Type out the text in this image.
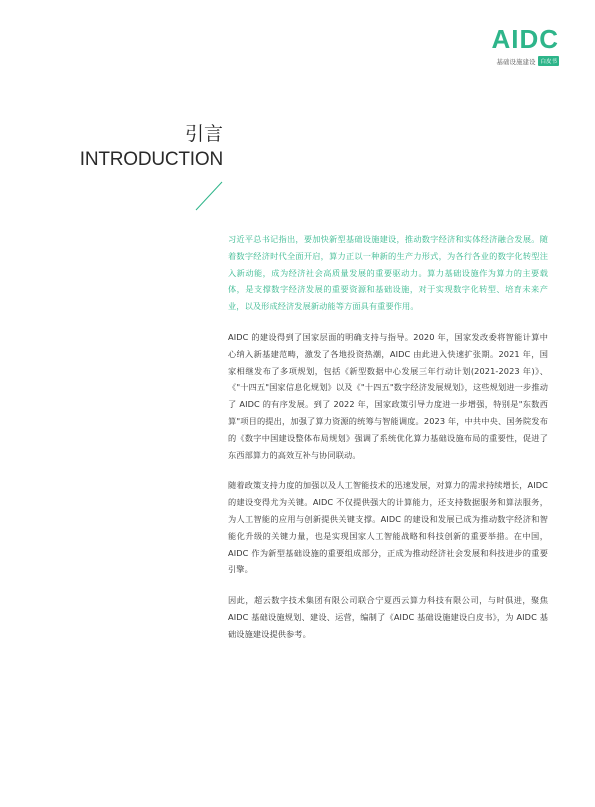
AIDC
基础设施建设 白皮书
引言
INTRODUCTION

习近平总书记指出，要加快新型基础设施建设，推动数字经济和实体经济融合发展。随着数字经济时代全面开启，算力正以一种新的生产力形式，为各行各业的数字化转型注入新动能，成为经济社会高质量发展的重要驱动力。算力基础设施作为算力的主要载体，是支撑数字经济发展的重要资源和基础设施，对于实现数字化转型、培育未来产业，以及形成经济发展新动能等方面具有重要作用。

AIDC 的建设得到了国家层面的明确支持与指导。2020 年，国家发改委将智能计算中心纳入新基建范畴，激发了各地投资热潮，AIDC 由此进入快速扩张期。2021 年，国家相继发布了多项规划，包括《新型数据中心发展三年行动计划(2021-2023 年)》、《"十四五"国家信息化规划》以及《"十四五"数字经济发展规划》，这些规划进一步推动了 AIDC 的有序发展。到了 2022 年，国家政策引导力度进一步增强，特别是"东数西算"项目的提出，加强了算力资源的统筹与智能调度。2023 年，中共中央、国务院发布的《数字中国建设整体布局规划》强调了系统优化算力基础设施布局的重要性，促进了东西部算力的高效互补与协同联动。

随着政策支持力度的加强以及人工智能技术的迅速发展，对算力的需求持续增长，AIDC 的建设变得尤为关键。AIDC 不仅提供强大的计算能力，还支持数据服务和算法服务，为人工智能的应用与创新提供关键支撑。AIDC 的建设和发展已成为推动数字经济和智能化升级的关键力量，也是实现国家人工智能战略和科技创新的重要举措。在中国，AIDC 作为新型基础设施的重要组成部分，正成为推动经济社会发展和科技进步的重要引擎。

因此，超云数字技术集团有限公司联合宁夏西云算力科技有限公司，与时俱进，聚焦 AIDC 基础设施规划、建设、运营，编制了《AIDC 基础设施建设白皮书》，为 AIDC 基础设施建设提供参考。
